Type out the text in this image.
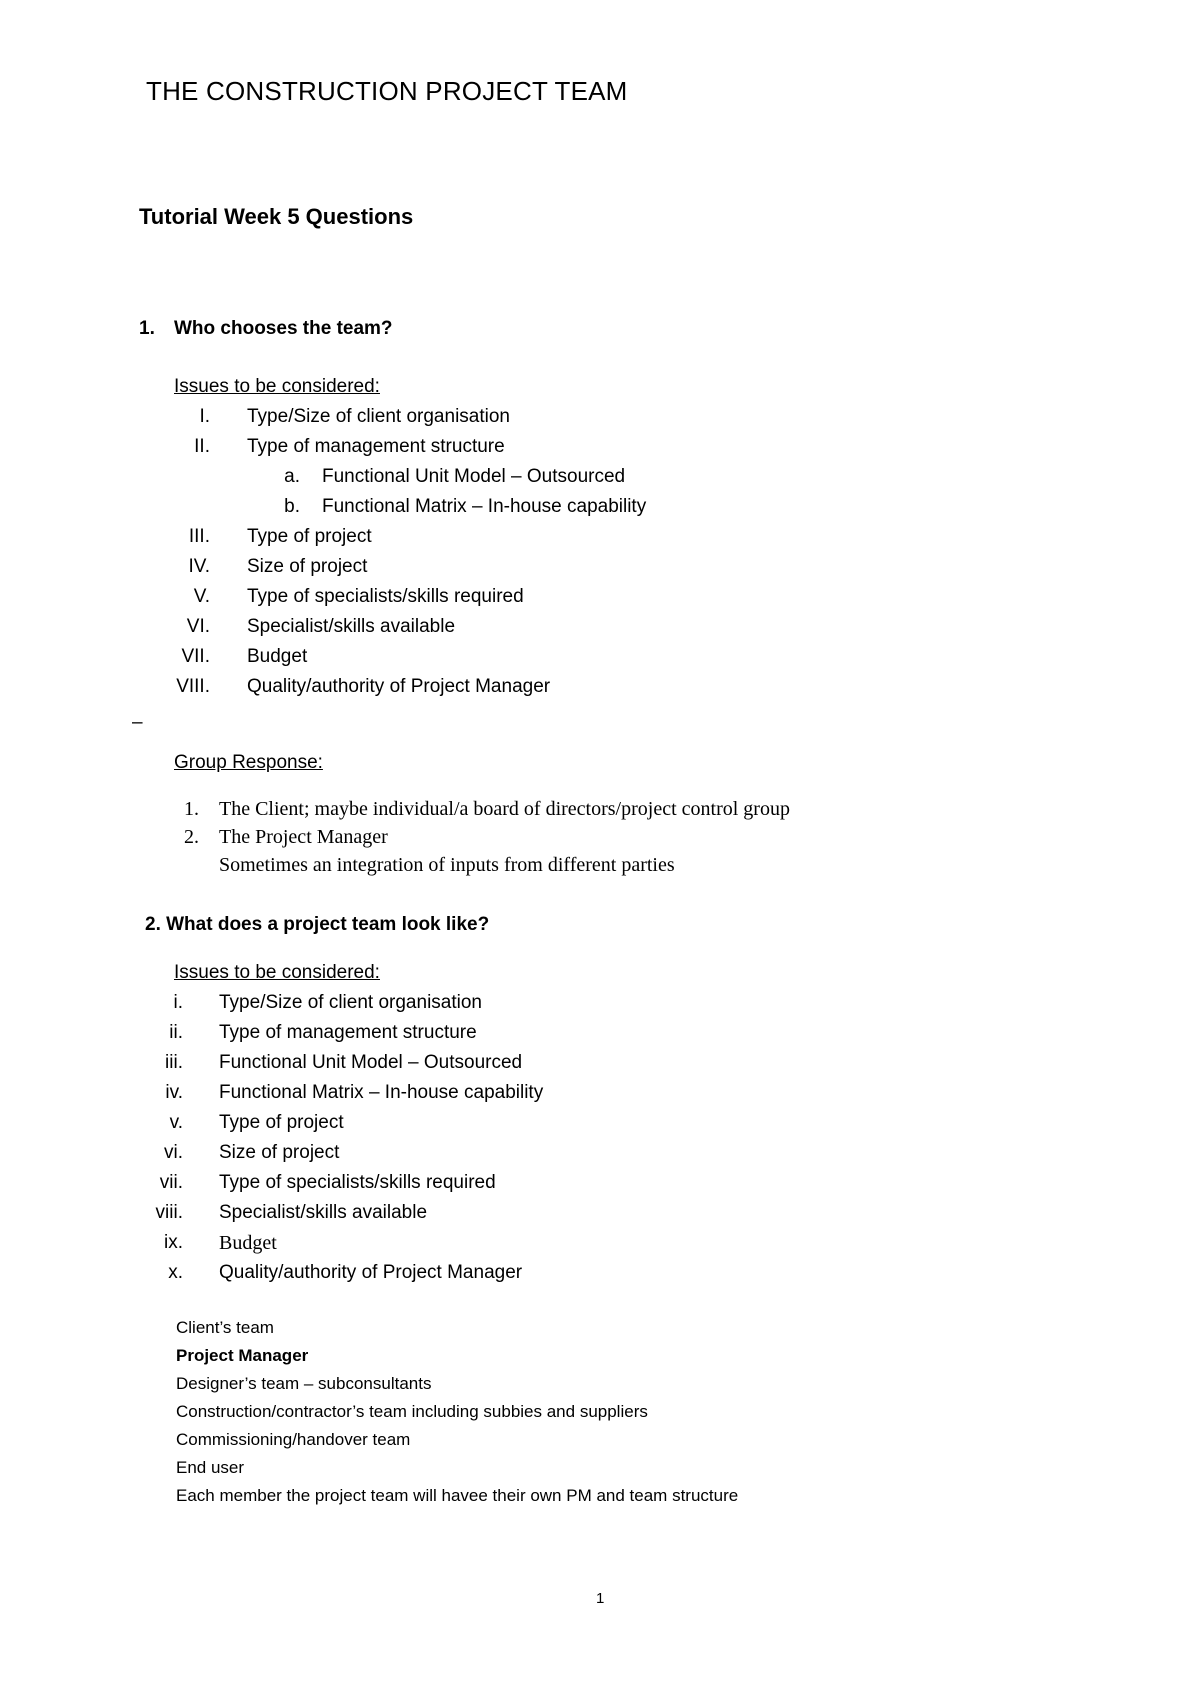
THE CONSTRUCTION PROJECT TEAM
Tutorial Week 5 Questions
1. Who chooses the team?
Issues to be considered:
I. Type/Size of client organisation
II. Type of management structure
a. Functional Unit Model – Outsourced
b. Functional Matrix – In-house capability
III. Type of project
IV. Size of project
V. Type of specialists/skills required
VI. Specialist/skills available
VII. Budget
VIII. Quality/authority of Project Manager
–
Group Response:
1. The Client; maybe individual/a board of directors/project control group
2. The Project Manager
Sometimes an integration of inputs from different parties
2. What does a project team look like?
Issues to be considered:
i. Type/Size of client organisation
ii. Type of management structure
iii. Functional Unit Model – Outsourced
iv. Functional Matrix – In-house capability
v. Type of project
vi. Size of project
vii. Type of specialists/skills required
viii. Specialist/skills available
ix. Budget
x. Quality/authority of Project Manager
Client’s team
Project Manager
Designer’s team – subconsultants
Construction/contractor’s team including subbies and suppliers
Commissioning/handover team
End user
Each member the project team will havee their own PM and team structure
1
